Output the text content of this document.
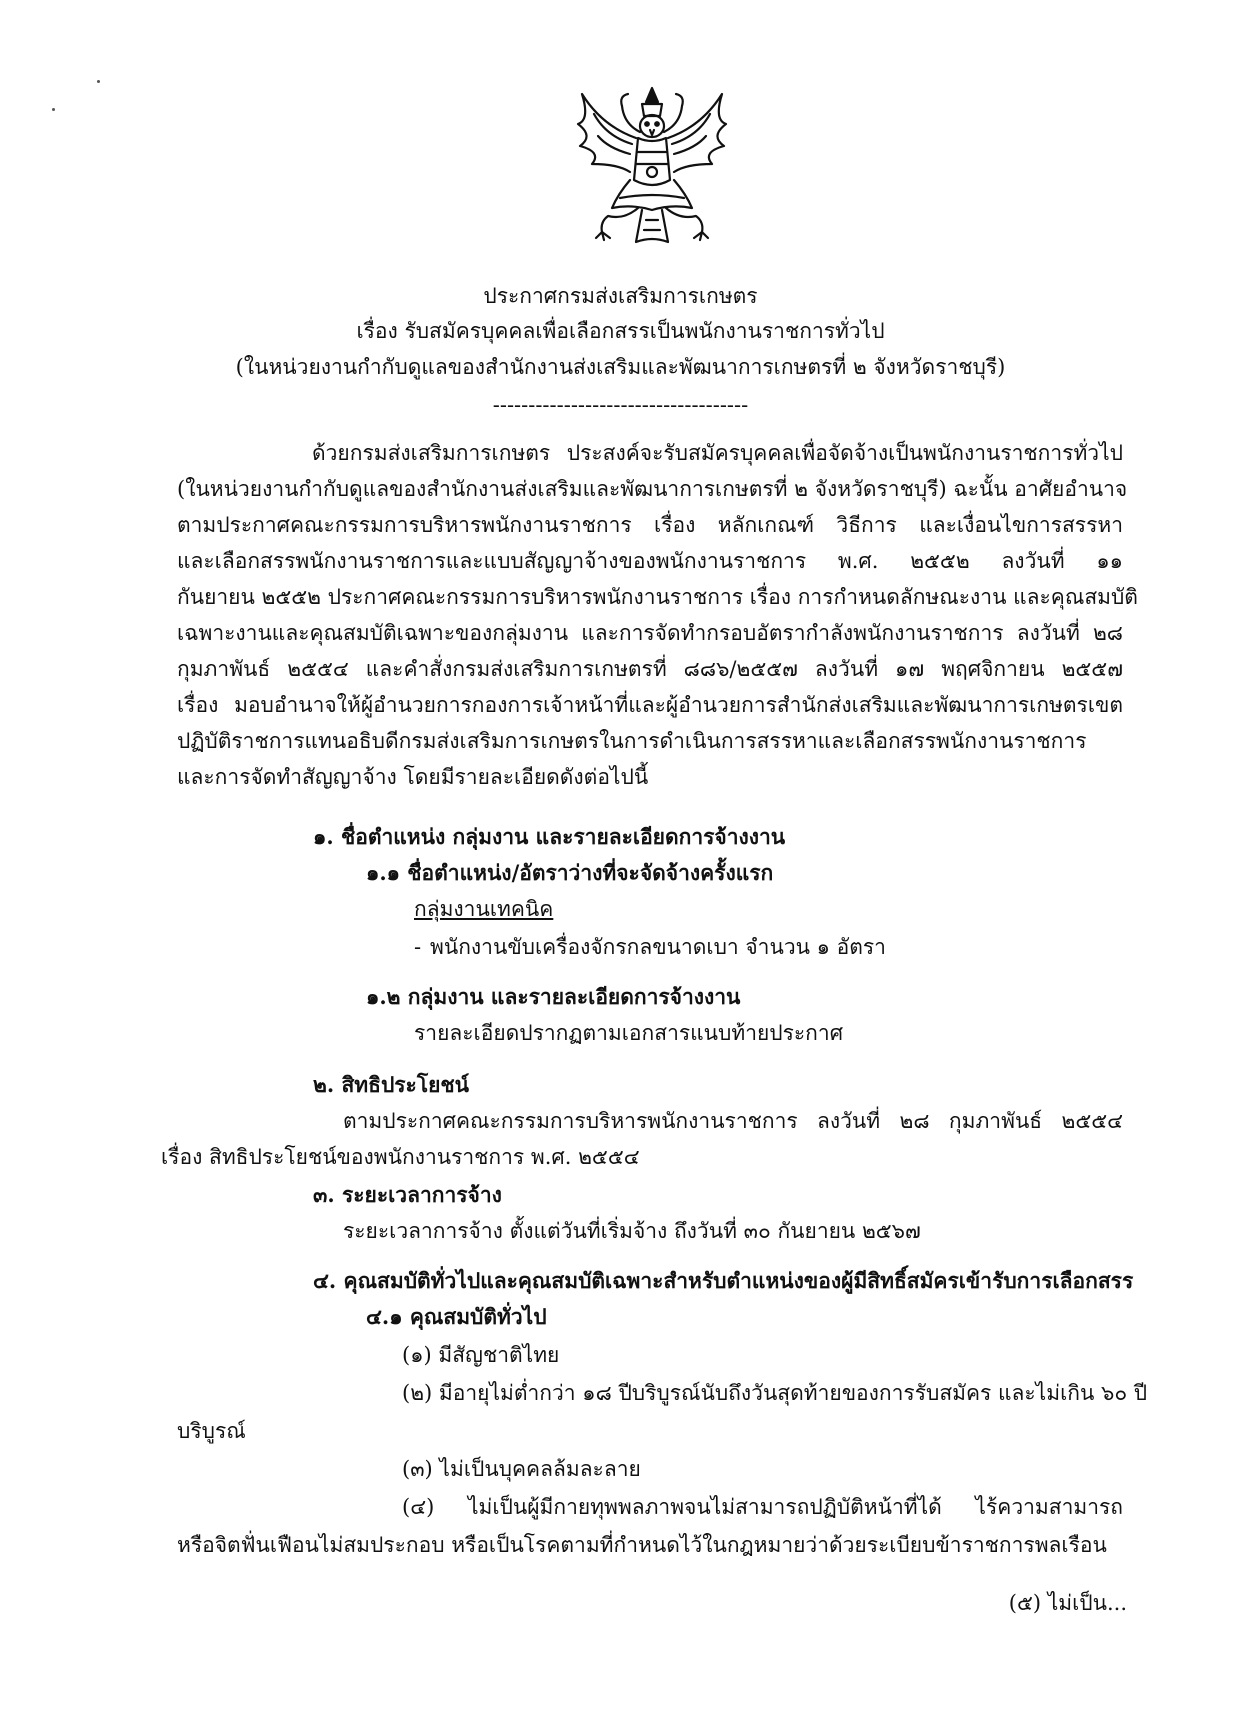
ประกาศกรมส่งเสริมการเกษตร
เรื่อง รับสมัครบุคคลเพื่อเลือกสรรเป็นพนักงานราชการทั่วไป
(ในหน่วยงานกำกับดูแลของสำนักงานส่งเสริมและพัฒนาการเกษตรที่ ๒ จังหวัดราชบุรี)
------------------------------------
ด้วยกรมส่งเสริมการเกษตร ประสงค์จะรับสมัครบุคคลเพื่อจัดจ้างเป็นพนักงานราชการทั่วไป
(ในหน่วยงานกำกับดูแลของสำนักงานส่งเสริมและพัฒนาการเกษตรที่ ๒ จังหวัดราชบุรี) ฉะนั้น อาศัยอำนาจ
ตามประกาศคณะกรรมการบริหารพนักงานราชการ เรื่อง หลักเกณฑ์ วิธีการ และเงื่อนไขการสรรหา
และเลือกสรรพนักงานราชการและแบบสัญญาจ้างของพนักงานราชการ พ.ศ. ๒๕๕๒ ลงวันที่ ๑๑
กันยายน ๒๕๕๒ ประกาศคณะกรรมการบริหารพนักงานราชการ เรื่อง การกำหนดลักษณะงาน และคุณสมบัติ
เฉพาะงานและคุณสมบัติเฉพาะของกลุ่มงาน และการจัดทำกรอบอัตรากำลังพนักงานราชการ ลงวันที่ ๒๘
กุมภาพันธ์ ๒๕๕๔ และคำสั่งกรมส่งเสริมการเกษตรที่ ๘๘๖/๒๕๕๗ ลงวันที่ ๑๗ พฤศจิกายน ๒๕๕๗
เรื่อง มอบอำนาจให้ผู้อำนวยการกองการเจ้าหน้าที่และผู้อำนวยการสำนักส่งเสริมและพัฒนาการเกษตรเขต
ปฏิบัติราชการแทนอธิบดีกรมส่งเสริมการเกษตรในการดำเนินการสรรหาและเลือกสรรพนักงานราชการ
และการจัดทำสัญญาจ้าง โดยมีรายละเอียดดังต่อไปนี้
๑. ชื่อตำแหน่ง กลุ่มงาน และรายละเอียดการจ้างงาน
๑.๑ ชื่อตำแหน่ง/อัตราว่างที่จะจัดจ้างครั้งแรก
กลุ่มงานเทคนิค
- พนักงานขับเครื่องจักรกลขนาดเบา จำนวน ๑ อัตรา
๑.๒ กลุ่มงาน และรายละเอียดการจ้างงาน
รายละเอียดปรากฏตามเอกสารแนบท้ายประกาศ
๒. สิทธิประโยชน์
ตามประกาศคณะกรรมการบริหารพนักงานราชการ ลงวันที่ ๒๘ กุมภาพันธ์ ๒๕๕๔
เรื่อง สิทธิประโยชน์ของพนักงานราชการ พ.ศ. ๒๕๕๔
๓. ระยะเวลาการจ้าง
ระยะเวลาการจ้าง ตั้งแต่วันที่เริ่มจ้าง ถึงวันที่ ๓๐ กันยายน ๒๕๖๗
๔. คุณสมบัติทั่วไปและคุณสมบัติเฉพาะสำหรับตำแหน่งของผู้มีสิทธิ์สมัครเข้ารับการเลือกสรร
๔.๑ คุณสมบัติทั่วไป
(๑) มีสัญชาติไทย
(๒) มีอายุไม่ต่ำกว่า ๑๘ ปีบริบูรณ์นับถึงวันสุดท้ายของการรับสมัคร และไม่เกิน ๖๐ ปี
บริบูรณ์
(๓) ไม่เป็นบุคคลล้มละลาย
(๔) ไม่เป็นผู้มีกายทุพพลภาพจนไม่สามารถปฏิบัติหน้าที่ได้ ไร้ความสามารถ
หรือจิตฟั่นเฟือนไม่สมประกอบ หรือเป็นโรคตามที่กำหนดไว้ในกฎหมายว่าด้วยระเบียบข้าราชการพลเรือน
(๕) ไม่เป็น...
